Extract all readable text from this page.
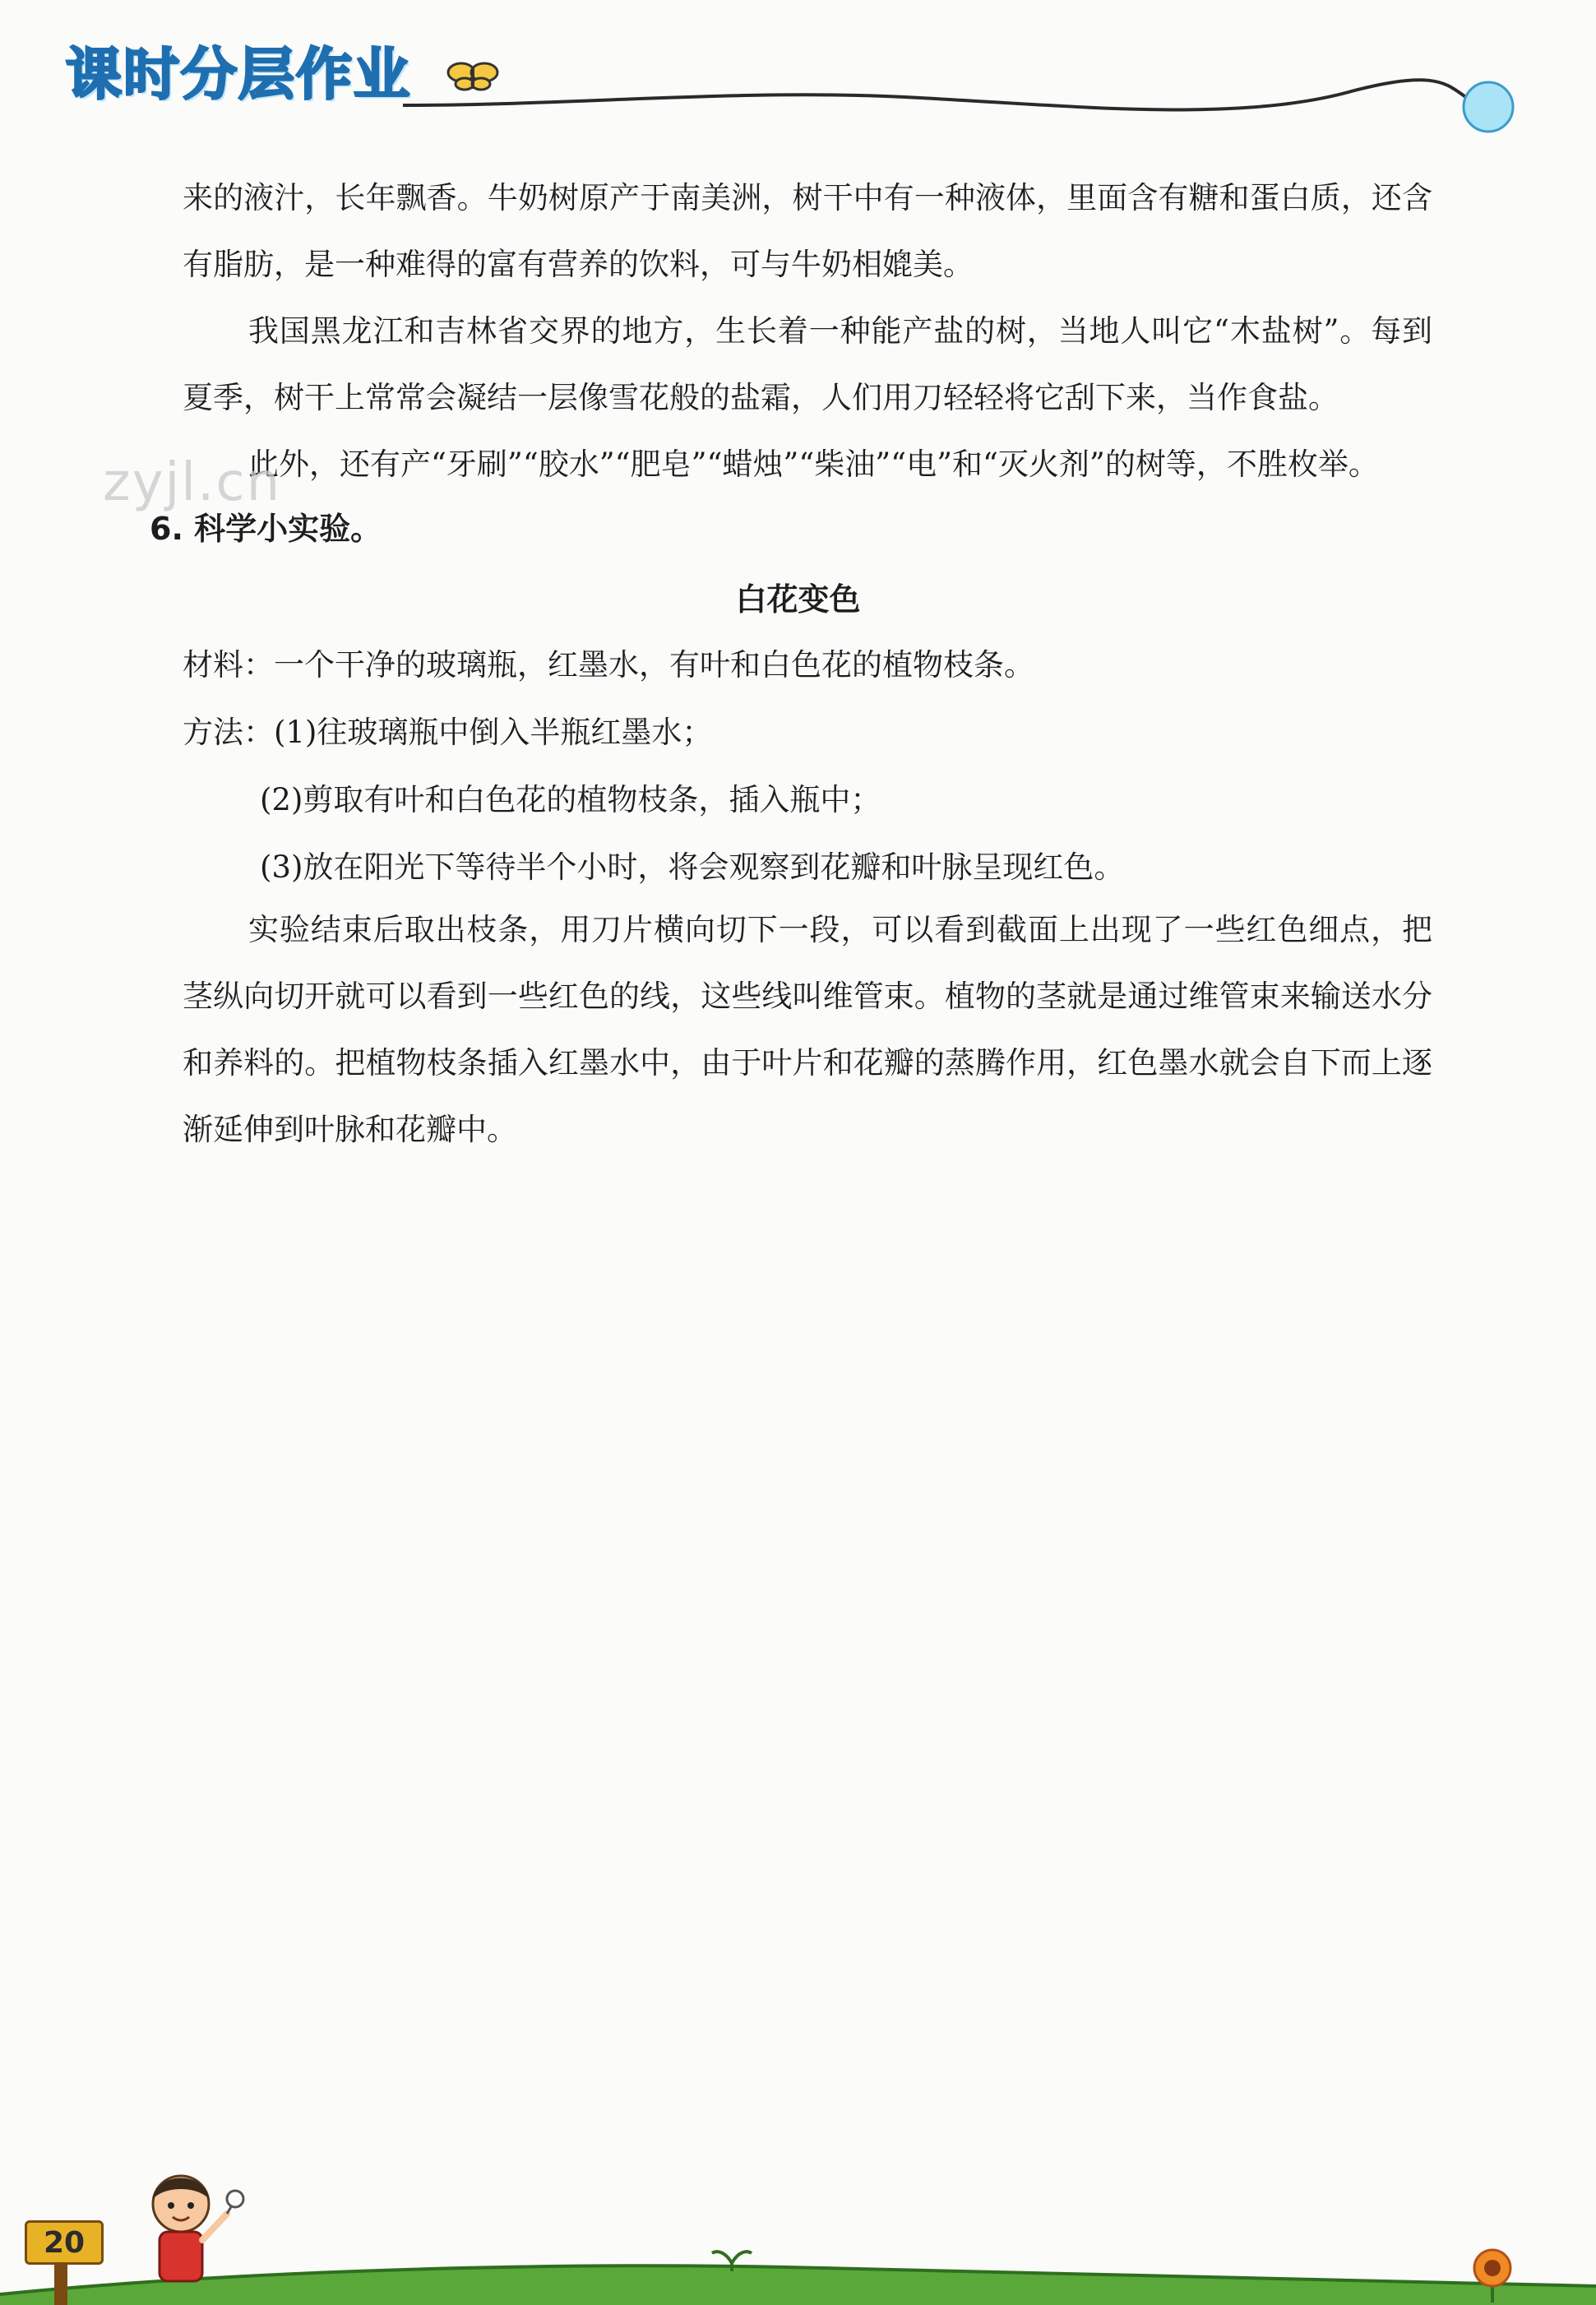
课时分层作业
来的液汁，长年飘香。牛奶树原产于南美洲，树干中有一种液体，里面含有糖和蛋白质，还含有脂肪，是一种难得的富有营养的饮料，可与牛奶相媲美。
我国黑龙江和吉林省交界的地方，生长着一种能产盐的树，当地人叫它“木盐树”。每到夏季，树干上常常会凝结一层像雪花般的盐霜，人们用刀轻轻将它刮下来，当作食盐。
此外，还有产“牙刷”“胶水”“肥皂”“蜡烛”“柴油”“电”和“灭火剂”的树等，不胜枚举。
zyjl.cn
6. 科学小实验。
白花变色
材料：一个干净的玻璃瓶，红墨水，有叶和白色花的植物枝条。
方法：(1)往玻璃瓶中倒入半瓶红墨水；
(2)剪取有叶和白色花的植物枝条，插入瓶中；
(3)放在阳光下等待半个小时，将会观察到花瓣和叶脉呈现红色。
实验结束后取出枝条，用刀片横向切下一段，可以看到截面上出现了一些红色细点，把茎纵向切开就可以看到一些红色的线，这些线叫维管束。植物的茎就是通过维管束来输送水分和养料的。把植物枝条插入红墨水中，由于叶片和花瓣的蒸腾作用，红色墨水就会自下而上逐渐延伸到叶脉和花瓣中。
20
